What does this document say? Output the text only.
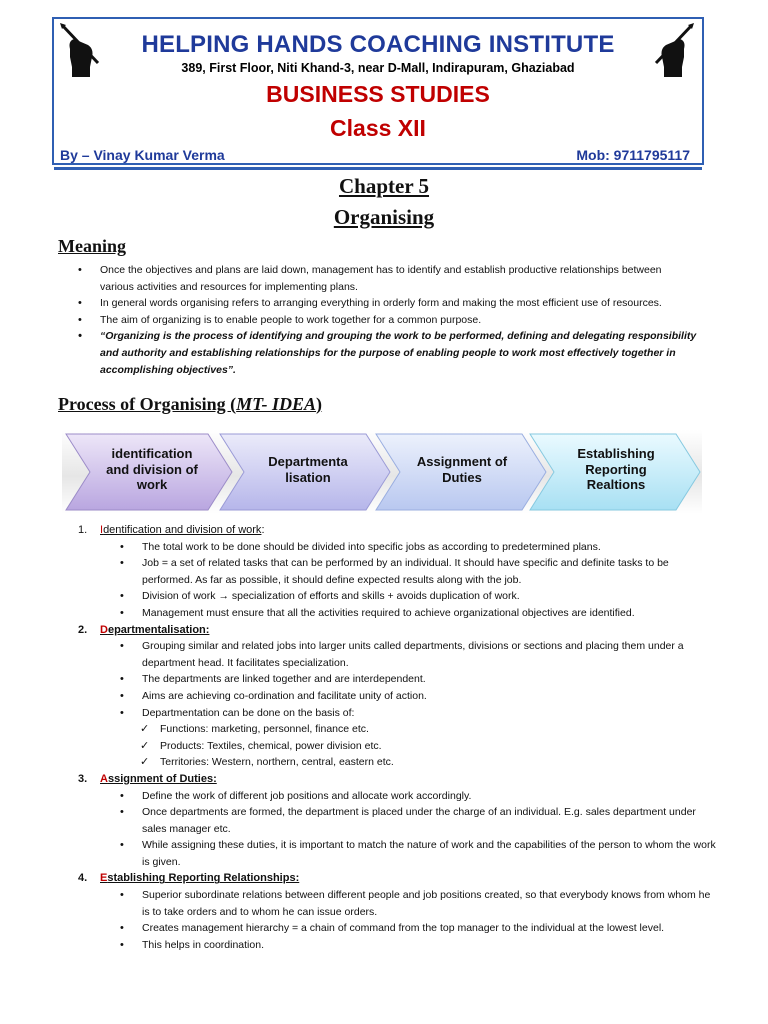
HELPING HANDS COACHING INSTITUTE
389, First Floor, Niti Khand-3, near D-Mall, Indirapuram, Ghaziabad
BUSINESS STUDIES
Class XII
By – Vinay Kumar Verma	Mob: 9711795117
Chapter 5
Organising
Meaning
• Once the objectives and plans are laid down, management has to identify and establish productive relationships between various activities and resources for implementing plans.
• In general words organising refers to arranging everything in orderly form and making the most efficient use of resources.
• The aim of organizing is to enable people to work together for a common purpose.
• “Organizing is the process of identifying and grouping the work to be performed, defining and delegating responsibility and authority and establishing relationships for the purpose of enabling people to work most effectively together in accomplishing objectives”.
Process of Organising (MT- IDEA)
identification
and division of
work
Departmenta
lisation
Assignment of
Duties
Establishing
Reporting
Realtions
1.	Identification and division of work:
• The total work to be done should be divided into specific jobs as according to predetermined plans.
• Job = a set of related tasks that can be performed by an individual. It should have specific and definite tasks to be performed. As far as possible, it should define expected results along with the job.
• Division of work → specialization of efforts and skills + avoids duplication of work.
• Management must ensure that all the activities required to achieve organizational objectives are identified.
2.	Departmentalisation:
• Grouping similar and related jobs into larger units called departments, divisions or sections and placing them under a department head. It facilitates specialization.
• The departments are linked together and are interdependent.
• Aims are achieving co-ordination and facilitate unity of action.
• Departmentation can be done on the basis of:
✓ Functions: marketing, personnel, finance etc.
✓ Products: Textiles, chemical, power division etc.
✓ Territories: Western, northern, central, eastern etc.
3.	Assignment of Duties:
• Define the work of different job positions and allocate work accordingly.
• Once departments are formed, the department is placed under the charge of an individual. E.g. sales department under sales manager etc.
• While assigning these duties, it is important to match the nature of work and the capabilities of the person to whom the work is given.
4.	Establishing Reporting Relationships:
• Superior subordinate relations between different people and job positions created, so that everybody knows from whom he is to take orders and to whom he can issue orders.
• Creates management hierarchy = a chain of command from the top manager to the individual at the lowest level.
• This helps in coordination.
